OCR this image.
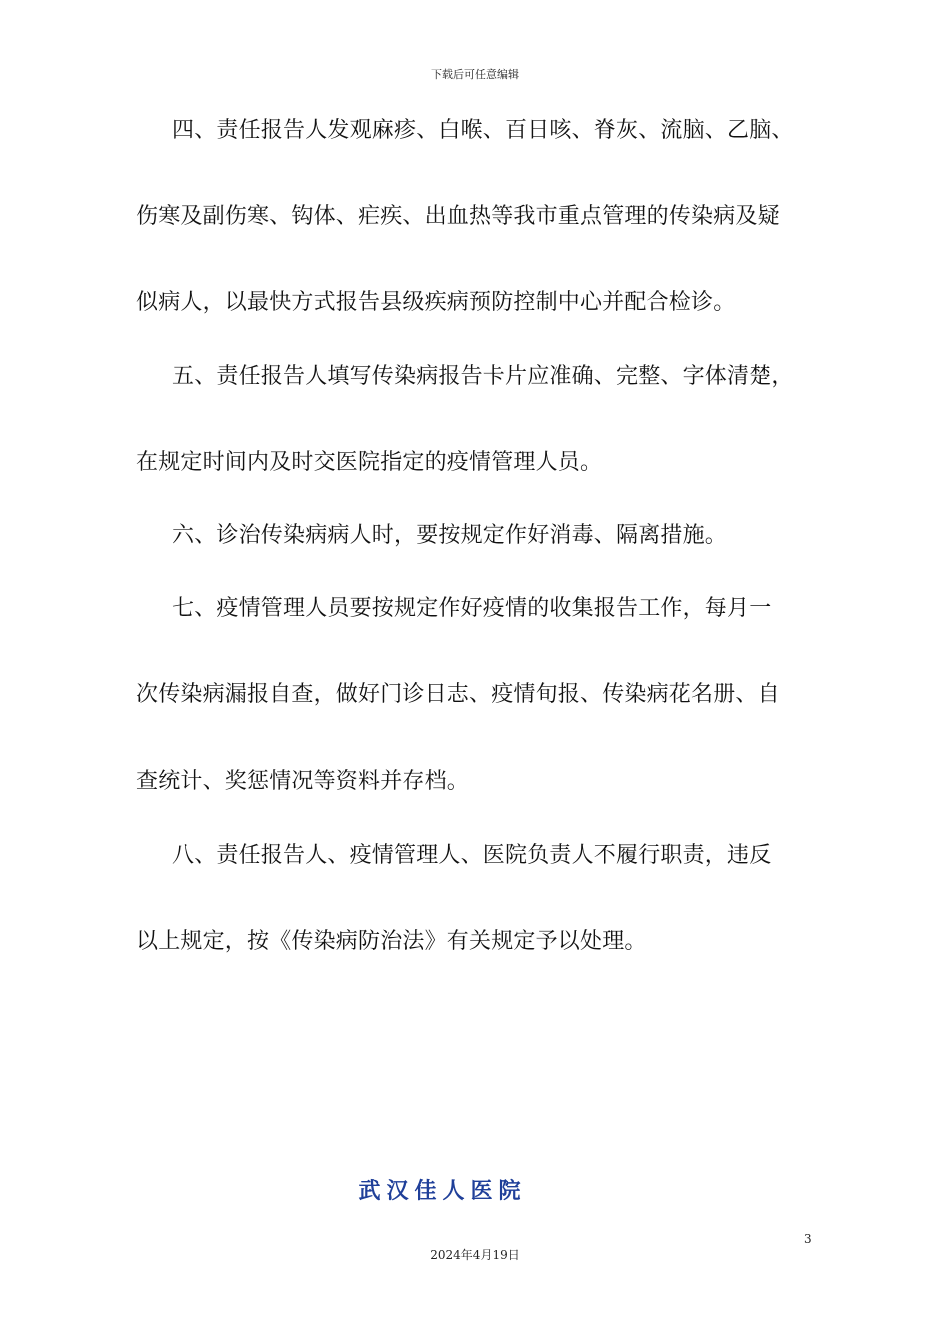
下载后可任意编辑
四、责任报告人发观麻疹、白喉、百日咳、脊灰、流脑、乙脑、
伤寒及副伤寒、钩体、疟疾、出血热等我市重点管理的传染病及疑
似病人，以最快方式报告县级疾病预防控制中心并配合检诊。
五、责任报告人填写传染病报告卡片应准确、完整、字体清楚，
在规定时间内及时交医院指定的疫情管理人员。
六、诊治传染病病人时，要按规定作好消毒、隔离措施。
七、疫情管理人员要按规定作好疫情的收集报告工作，每月一
次传染病漏报自查，做好门诊日志、疫情旬报、传染病花名册、自
查统计、奖惩情况等资料并存档。
八、责任报告人、疫情管理人、医院负责人不履行职责，违反
以上规定，按《传染病防治法》有关规定予以处理。
武汉佳人医院
3
2024年4月19日
